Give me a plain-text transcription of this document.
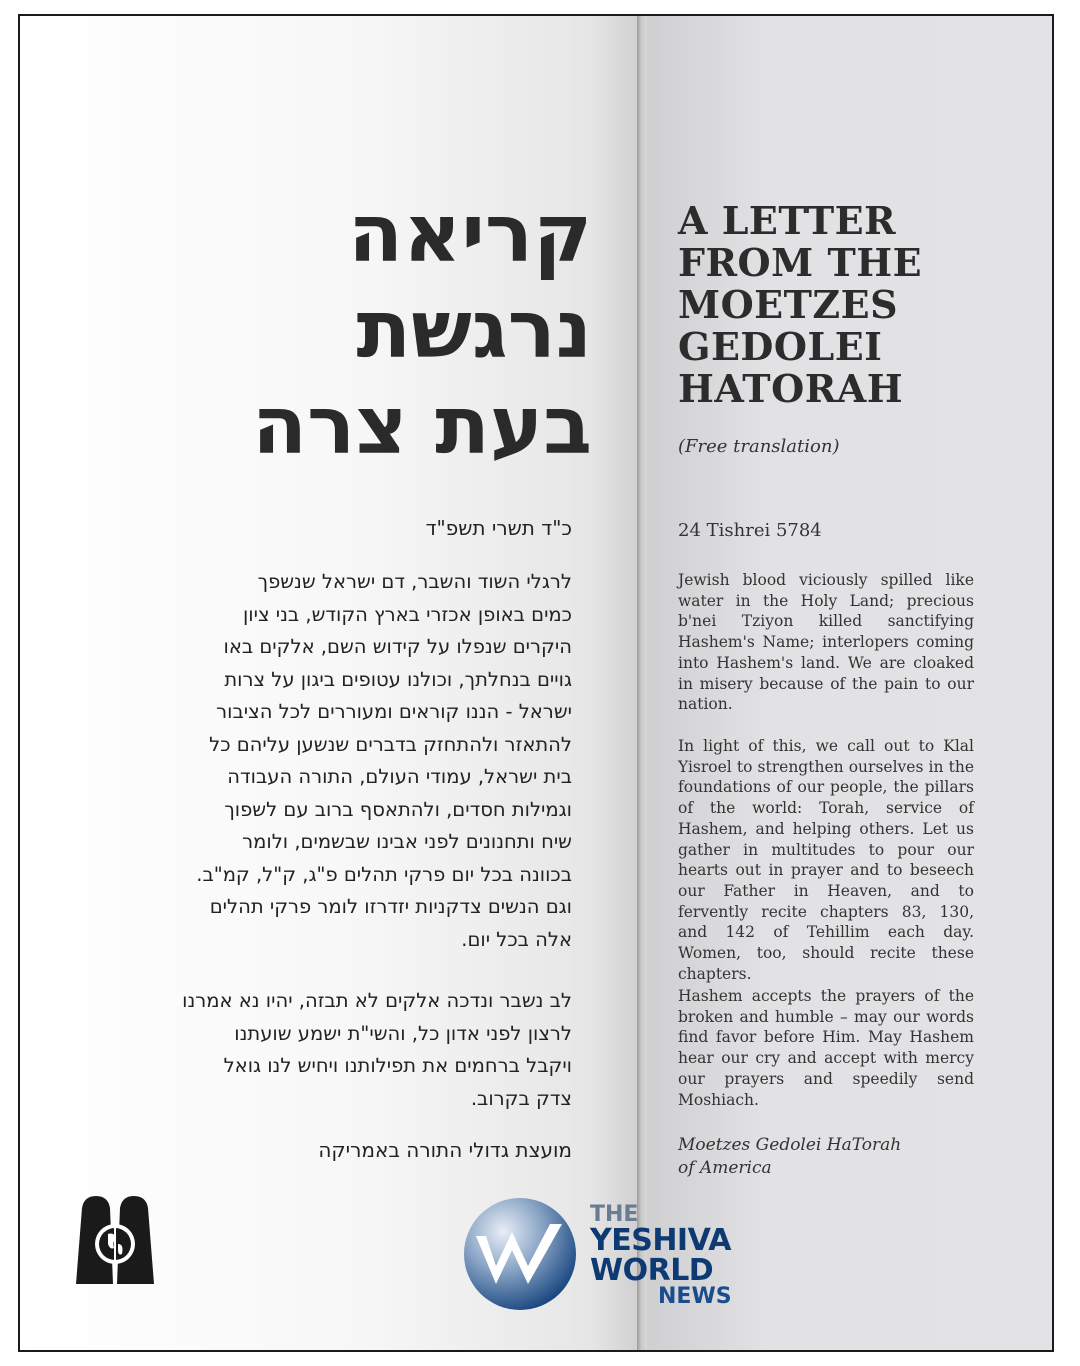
קריאה
נרגשת
בעת צרה
כ"ד תשרי תשפ"ד

לרגלי השוד והשבר, דם ישראל שנשפך
כמים באופן אכזרי בארץ הקודש, בני ציון
היקרים שנפלו על קידוש השם, אלקים באו
גויים בנחלתך, וכולנו עטופים ביגון על צרות
ישראל - הננו קוראים ומעוררים לכל הציבור
להתאזר ולהתחזק בדברים שנשען עליהם כל
בית ישראל, עמודי העולם, התורה העבודה
וגמילות חסדים, ולהתאסף ברוב עם לשפוך
שיח ותחנונים לפני אבינו שבשמים, ולומר
בכוונה בכל יום פרקי תהלים פ"ג, ק"ל, קמ"ב.
וגם הנשים צדקניות יזדרזו לומר פרקי תהלים
אלה בכל יום.

לב נשבר ונדכה אלקים לא תבזה, יהיו נא אמרנו
לרצון לפני אדון כל, והשי"ת ישמע שועתנו
ויקבל ברחמים את תפילותנו ויחיש לנו גואל
צדק בקרוב.

מועצת גדולי התורה באמריקה
A LETTER
FROM THE
MOETZES
GEDOLEI
HATORAH
(Free translation)
24 Tishrei 5784

Jewish blood viciously spilled like water in the Holy Land; precious b'nei Tziyon killed sanctifying Hashem's Name; interlopers coming into Hashem's land. We are cloaked in misery because of the pain to our nation.

In light of this, we call out to Klal Yisroel to strengthen ourselves in the foundations of our people, the pillars of the world: Torah, service of Hashem, and helping others. Let us gather in multitudes to pour our hearts out in prayer and to beseech our Father in Heaven, and to fervently recite chapters 83, 130, and 142 of Tehillim each day. Women, too, should recite these chapters.

Hashem accepts the prayers of the broken and humble – may our words find favor before Him. May Hashem hear our cry and accept with mercy our prayers and speedily send Moshiach.

Moetzes Gedolei HaTorah
of America
THE
YESHIVA
WORLD
NEWS
